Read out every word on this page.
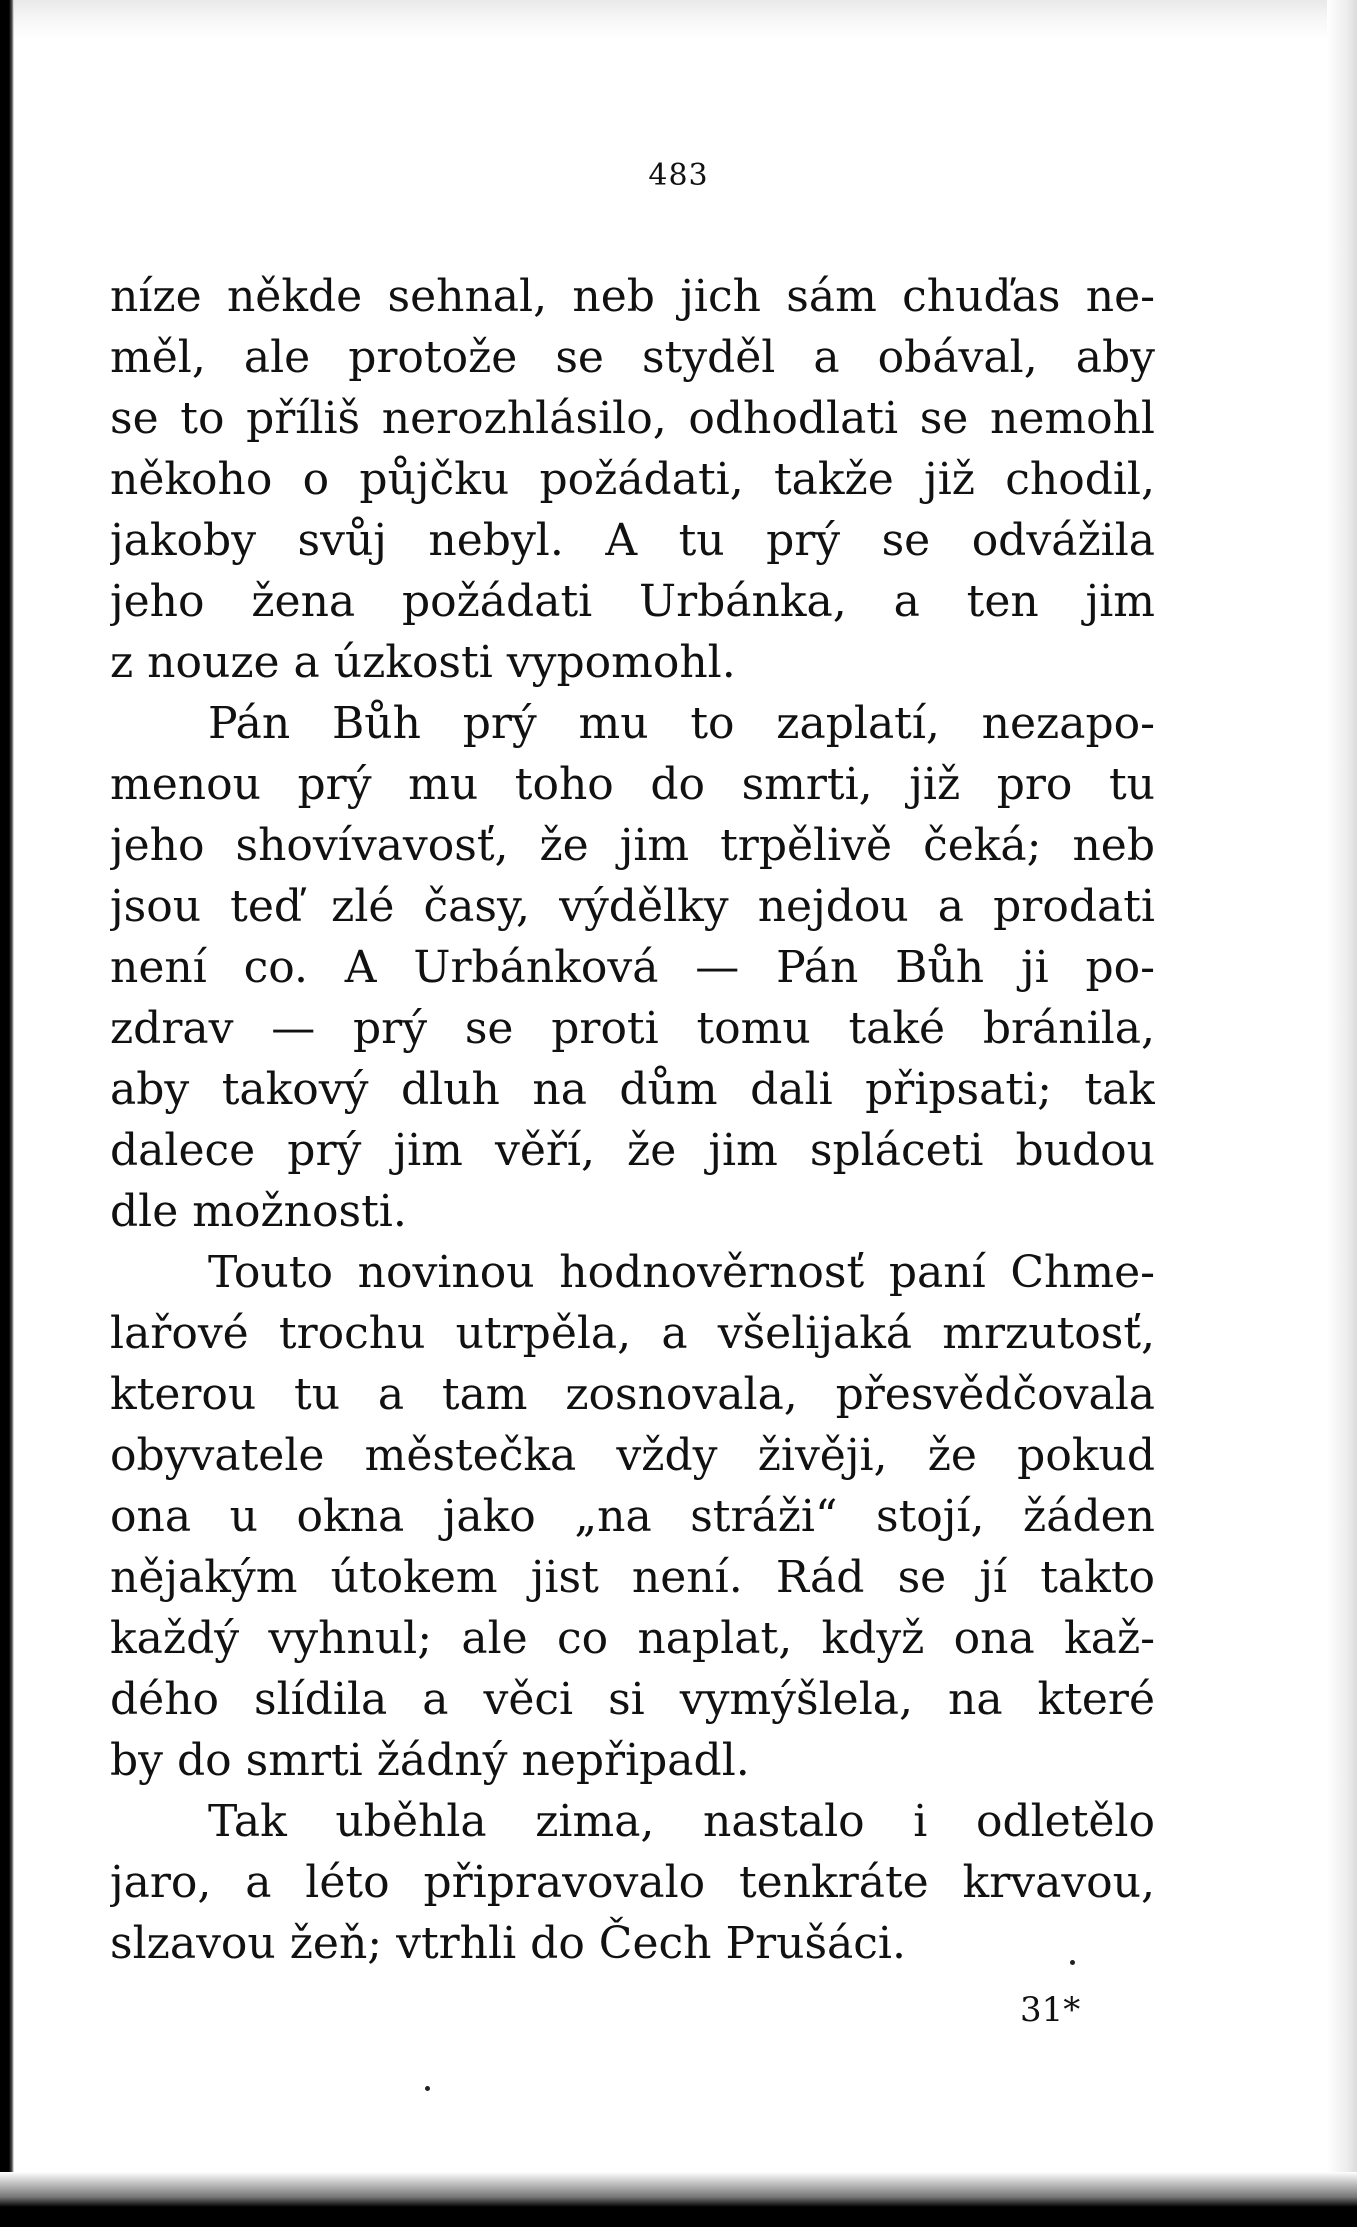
483
níze někde sehnal, neb jich sám chuďas ne-
měl, ale protože se styděl a obával, aby
se to příliš nerozhlásilo, odhodlati se nemohl
někoho o půjčku požádati, takže již chodil,
jakoby svůj nebyl. A tu prý se odvážila
jeho žena požádati Urbánka, a ten jim
z nouze a úzkosti vypomohl.
Pán Bůh prý mu to zaplatí, nezapo-
menou prý mu toho do smrti, již pro tu
jeho shovívavosť, že jim trpělivě čeká; neb
jsou teď zlé časy, výdělky nejdou a prodati
není co. A Urbánková — Pán Bůh ji po-
zdrav — prý se proti tomu také bránila,
aby takový dluh na dům dali připsati; tak
dalece prý jim věří, že jim spláceti budou
dle možnosti.
Touto novinou hodnověrnosť paní Chme-
lařové trochu utrpěla, a všelijaká mrzutosť,
kterou tu a tam zosnovala, přesvědčovala
obyvatele městečka vždy živěji, že pokud
ona u okna jako „na stráži“ stojí, žáden
nějakým útokem jist není. Rád se jí takto
každý vyhnul; ale co naplat, když ona kaž-
dého slídila a věci si vymýšlela, na které
by do smrti žádný nepřipadl.
Tak uběhla zima, nastalo i odletělo
jaro, a léto připravovalo tenkráte krvavou,
slzavou žeň; vtrhli do Čech Prušáci.
31*
